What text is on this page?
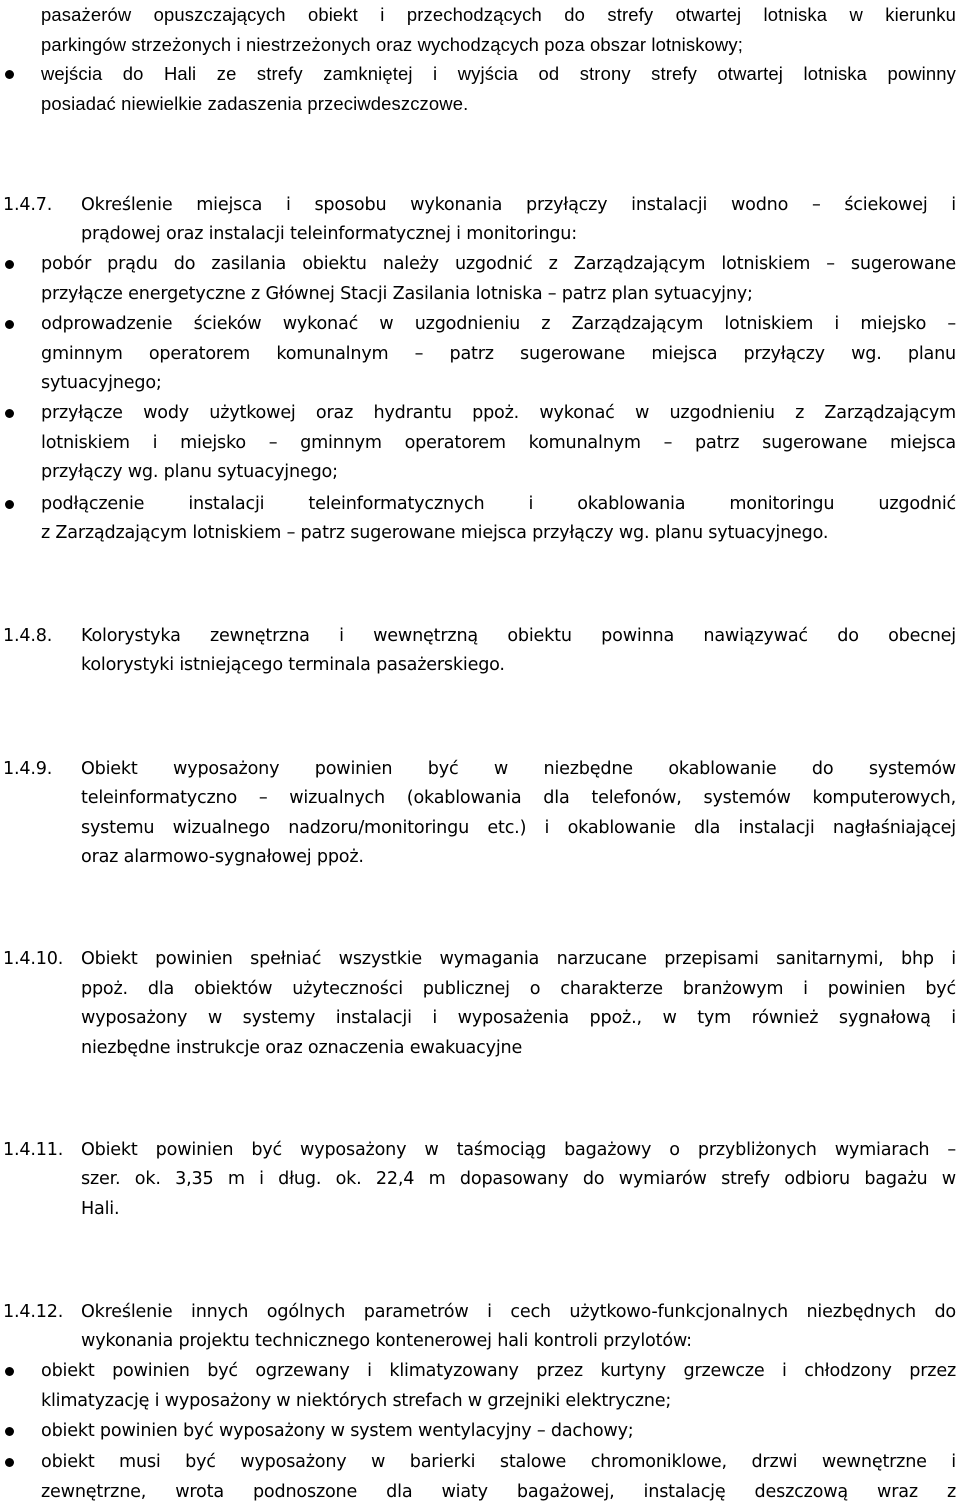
pasażerów opuszczających obiekt i przechodzących do strefy otwartej lotniska w kierunku
parkingów strzeżonych i niestrzeżonych oraz wychodzących poza obszar lotniskowy;
wejścia do Hali ze strefy zamkniętej i wyjścia od strony strefy otwartej lotniska powinny
posiadać niewielkie zadaszenia przeciwdeszczowe.
1.4.7. Określenie miejsca i sposobu wykonania przyłączy instalacji wodno – ściekowej i
prądowej oraz instalacji teleinformatycznej i monitoringu:
pobór prądu do zasilania obiektu należy uzgodnić z Zarządzającym lotniskiem – sugerowane
przyłącze energetyczne z Głównej Stacji Zasilania lotniska – patrz plan sytuacyjny;
odprowadzenie ścieków wykonać w uzgodnieniu z Zarządzającym lotniskiem i miejsko –
gminnym operatorem komunalnym – patrz sugerowane miejsca przyłączy wg. planu
sytuacyjnego;
przyłącze wody użytkowej oraz hydrantu ppoż. wykonać w uzgodnieniu z Zarządzającym
lotniskiem i miejsko – gminnym operatorem komunalnym – patrz sugerowane miejsca
przyłączy wg. planu sytuacyjnego;
podłączenie instalacji teleinformatycznych i okablowania monitoringu uzgodnić
z Zarządzającym lotniskiem – patrz sugerowane miejsca przyłączy wg. planu sytuacyjnego.
1.4.8. Kolorystyka zewnętrzna i wewnętrzną obiektu powinna nawiązywać do obecnej
kolorystyki istniejącego terminala pasażerskiego.
1.4.9. Obiekt wyposażony powinien być w niezbędne okablowanie do systemów
teleinformatyczno – wizualnych (okablowania dla telefonów, systemów komputerowych,
systemu wizualnego nadzoru/monitoringu etc.) i okablowanie dla instalacji nagłaśniającej
oraz alarmowo-sygnałowej ppoż.
1.4.10. Obiekt powinien spełniać wszystkie wymagania narzucane przepisami sanitarnymi, bhp i
ppoż. dla obiektów użyteczności publicznej o charakterze branżowym i powinien być
wyposażony w systemy instalacji i wyposażenia ppoż., w tym również sygnałową i
niezbędne instrukcje oraz oznaczenia ewakuacyjne
1.4.11. Obiekt powinien być wyposażony w taśmociąg bagażowy o przybliżonych wymiarach –
szer. ok. 3,35 m i dług. ok. 22,4 m dopasowany do wymiarów strefy odbioru bagażu w
Hali.
1.4.12. Określenie innych ogólnych parametrów i cech użytkowo-funkcjonalnych niezbędnych do
wykonania projektu technicznego kontenerowej hali kontroli przylotów:
obiekt powinien być ogrzewany i klimatyzowany przez kurtyny grzewcze i chłodzony przez
klimatyzację i wyposażony w niektórych strefach w grzejniki elektryczne;
obiekt powinien być wyposażony w system wentylacyjny – dachowy;
obiekt musi być wyposażony w barierki stalowe chromoniklowe, drzwi wewnętrzne i
zewnętrzne, wrota podnoszone dla wiaty bagażowej, instalację deszczową wraz z
